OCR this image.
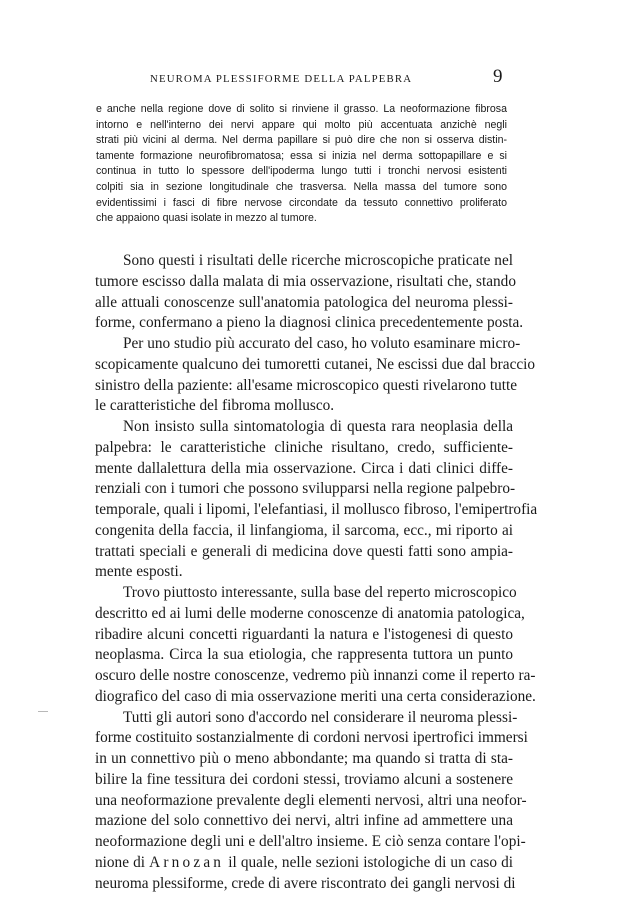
NEUROMA PLESSIFORME DELLA PALPEBRA	9
e anche nella regione dove di solito si rinviene il grasso. La neoformazione fibrosa
intorno e nell'interno dei nervi appare qui molto più accentuata anzichè negli
strati più vicini al derma. Nel derma papillare si può dire che non si osserva distin-
tamente formazione neurofibromatosa; essa si inizia nel derma sottopapillare e si
continua in tutto lo spessore dell'ipoderma lungo tutti i tronchi nervosi esistenti
colpiti sia in sezione longitudinale che trasversa. Nella massa del tumore sono
evidentissimi i fasci di fibre nervose circondate da tessuto connettivo proliferato
che appaiono quasi isolate in mezzo al tumore.
Sono questi i risultati delle ricerche microscopiche praticate nel
tumore escisso dalla malata di mia osservazione, risultati che, stando
alle attuali conoscenze sull'anatomia patologica del neuroma plessi-
forme, confermano a pieno la diagnosi clinica precedentemente posta.
Per uno studio più accurato del caso, ho voluto esaminare micro-
scopicamente qualcuno dei tumoretti cutanei, Ne escissi due dal braccio
sinistro della paziente: all'esame microscopico questi rivelarono tutte
le caratteristiche del fibroma mollusco.
Non insisto sulla sintomatologia di questa rara neoplasia della
palpebra: le caratteristiche cliniche risultano, credo, sufficiente-
mente dallalettura della mia osservazione. Circa i dati clinici diffe-
renziali con i tumori che possono svilupparsi nella regione palpebro-
temporale, quali i lipomi, l'elefantiasi, il mollusco fibroso, l'emipertrofia
congenita della faccia, il linfangioma, il sarcoma, ecc., mi riporto ai
trattati speciali e generali di medicina dove questi fatti sono ampia-
mente esposti.
Trovo piuttosto interessante, sulla base del reperto microscopico
descritto ed ai lumi delle moderne conoscenze di anatomia patologica,
ribadire alcuni concetti riguardanti la natura e l'istogenesi di questo
neoplasma. Circa la sua etiologia, che rappresenta tuttora un punto
oscuro delle nostre conoscenze, vedremo più innanzi come il reperto ra-
diografico del caso di mia osservazione meriti una certa considerazione.
Tutti gli autori sono d'accordo nel considerare il neuroma plessi-
forme costituito sostanzialmente di cordoni nervosi ipertrofici immersi
in un connettivo più o meno abbondante; ma quando si tratta di sta-
bilire la fine tessitura dei cordoni stessi, troviamo alcuni a sostenere
una neoformazione prevalente degli elementi nervosi, altri una neofor-
mazione del solo connettivo dei nervi, altri infine ad ammettere una
neoformazione degli uni e dell'altro insieme. E ciò senza contare l'opi-
nione di Arnozan il quale, nelle sezioni istologiche di un caso di
neuroma plessiforme, crede di avere riscontrato dei gangli nervosi di
